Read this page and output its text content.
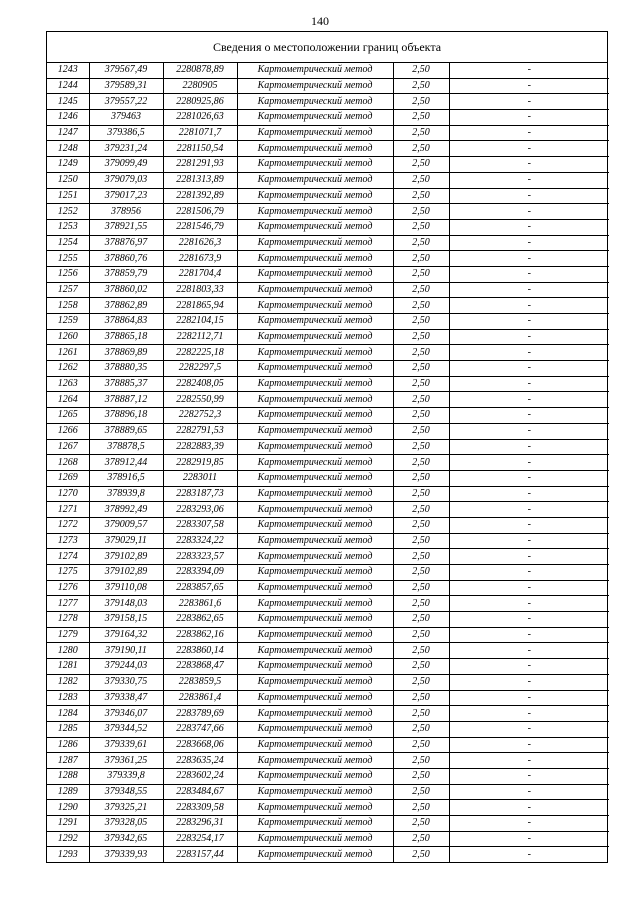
140
Сведения о местоположении границ объекта
1243	379567,49	2280878,89	Картометрический метод	2,50	-
1244	379589,31	2280905	Картометрический метод	2,50	-
1245	379557,22	2280925,86	Картометрический метод	2,50	-
1246	379463	2281026,63	Картометрический метод	2,50	-
1247	379386,5	2281071,7	Картометрический метод	2,50	-
1248	379231,24	2281150,54	Картометрический метод	2,50	-
1249	379099,49	2281291,93	Картометрический метод	2,50	-
1250	379079,03	2281313,89	Картометрический метод	2,50	-
1251	379017,23	2281392,89	Картометрический метод	2,50	-
1252	378956	2281506,79	Картометрический метод	2,50	-
1253	378921,55	2281546,79	Картометрический метод	2,50	-
1254	378876,97	2281626,3	Картометрический метод	2,50	-
1255	378860,76	2281673,9	Картометрический метод	2,50	-
1256	378859,79	2281704,4	Картометрический метод	2,50	-
1257	378860,02	2281803,33	Картометрический метод	2,50	-
1258	378862,89	2281865,94	Картометрический метод	2,50	-
1259	378864,83	2282104,15	Картометрический метод	2,50	-
1260	378865,18	2282112,71	Картометрический метод	2,50	-
1261	378869,89	2282225,18	Картометрический метод	2,50	-
1262	378880,35	2282297,5	Картометрический метод	2,50	-
1263	378885,37	2282408,05	Картометрический метод	2,50	-
1264	378887,12	2282550,99	Картометрический метод	2,50	-
1265	378896,18	2282752,3	Картометрический метод	2,50	-
1266	378889,65	2282791,53	Картометрический метод	2,50	-
1267	378878,5	2282883,39	Картометрический метод	2,50	-
1268	378912,44	2282919,85	Картометрический метод	2,50	-
1269	378916,5	2283011	Картометрический метод	2,50	-
1270	378939,8	2283187,73	Картометрический метод	2,50	-
1271	378992,49	2283293,06	Картометрический метод	2,50	-
1272	379009,57	2283307,58	Картометрический метод	2,50	-
1273	379029,11	2283324,22	Картометрический метод	2,50	-
1274	379102,89	2283323,57	Картометрический метод	2,50	-
1275	379102,89	2283394,09	Картометрический метод	2,50	-
1276	379110,08	2283857,65	Картометрический метод	2,50	-
1277	379148,03	2283861,6	Картометрический метод	2,50	-
1278	379158,15	2283862,65	Картометрический метод	2,50	-
1279	379164,32	2283862,16	Картометрический метод	2,50	-
1280	379190,11	2283860,14	Картометрический метод	2,50	-
1281	379244,03	2283868,47	Картометрический метод	2,50	-
1282	379330,75	2283859,5	Картометрический метод	2,50	-
1283	379338,47	2283861,4	Картометрический метод	2,50	-
1284	379346,07	2283789,69	Картометрический метод	2,50	-
1285	379344,52	2283747,66	Картометрический метод	2,50	-
1286	379339,61	2283668,06	Картометрический метод	2,50	-
1287	379361,25	2283635,24	Картометрический метод	2,50	-
1288	379339,8	2283602,24	Картометрический метод	2,50	-
1289	379348,55	2283484,67	Картометрический метод	2,50	-
1290	379325,21	2283309,58	Картометрический метод	2,50	-
1291	379328,05	2283296,31	Картометрический метод	2,50	-
1292	379342,65	2283254,17	Картометрический метод	2,50	-
1293	379339,93	2283157,44	Картометрический метод	2,50	-
